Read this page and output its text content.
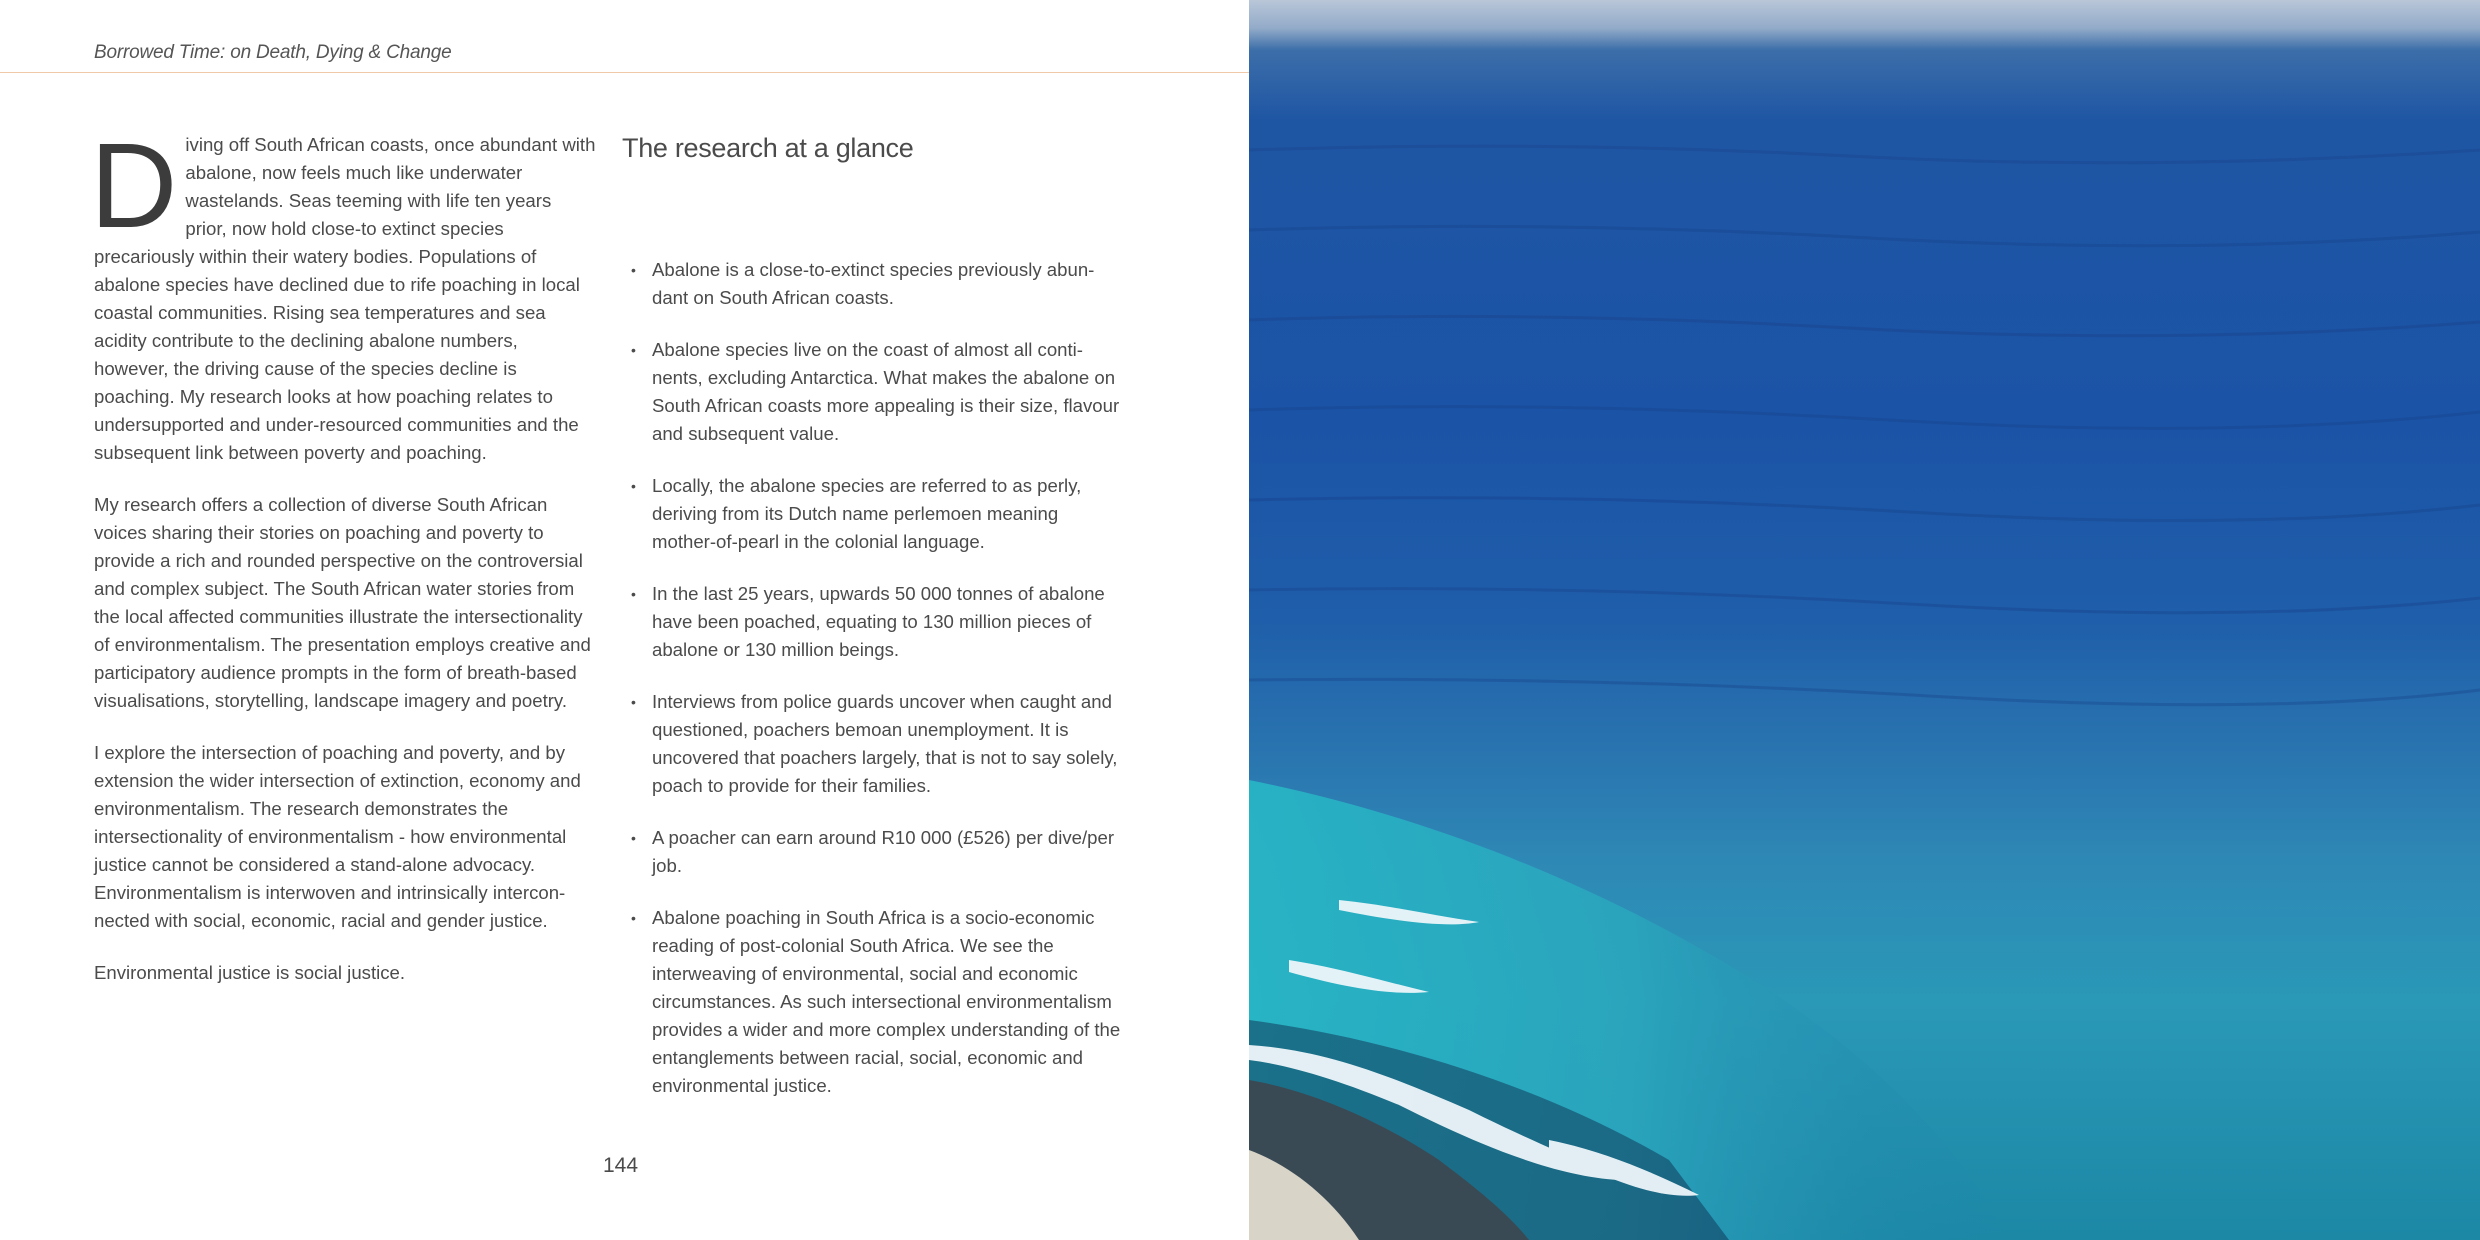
Borrowed Time: on Death, Dying & Change

Diving off South African coasts, once abundant with abalone, now feels much like underwater wastelands. Seas teeming with life ten years prior, now hold close-to extinct species precariously within their watery bodies. Populations of abalone species have declined due to rife poaching in local coastal communities. Rising sea temperatures and sea acidity contribute to the declining abalone numbers, however, the driving cause of the species decline is poaching. My research looks at how poaching relates to undersupported and under-resourced communities and the subsequent link between poverty and poaching.

My research offers a collection of diverse South African voices sharing their stories on poaching and poverty to provide a rich and rounded perspective on the controversial and complex subject. The South African water stories from the local affected communities illustrate the intersectionality of environmentalism. The presentation employs creative and participatory audience prompts in the form of breath-based visualisations, storytelling, landscape imagery and poetry.

I explore the intersection of poaching and poverty, and by extension the wider intersection of extinction, economy and environmentalism. The research demonstrates the intersectionality of environmentalism - how environmental justice cannot be considered a stand-alone advocacy. Environmentalism is interwoven and intrinsically interconnected with social, economic, racial and gender justice.

Environmental justice is social justice.

The research at a glance
• Abalone is a close-to-extinct species previously abundant on South African coasts.
• Abalone species live on the coast of almost all continents, excluding Antarctica. What makes the abalone on South African coasts more appealing is their size, flavour and subsequent value.
• Locally, the abalone species are referred to as perly, deriving from its Dutch name perlemoen meaning mother-of-pearl in the colonial language.
• In the last 25 years, upwards 50 000 tonnes of abalone have been poached, equating to 130 million pieces of abalone or 130 million beings.
• Interviews from police guards uncover when caught and questioned, poachers bemoan unemployment. It is uncovered that poachers largely, that is not to say solely, poach to provide for their families.
• A poacher can earn around R10 000 (£526) per dive/per job.
• Abalone poaching in South Africa is a socio-economic reading of post-colonial South Africa. We see the interweaving of environmental, social and economic circumstances. As such intersectional environmentalism provides a wider and more complex understanding of the entanglements between racial, social, economic and environmental justice.
144
